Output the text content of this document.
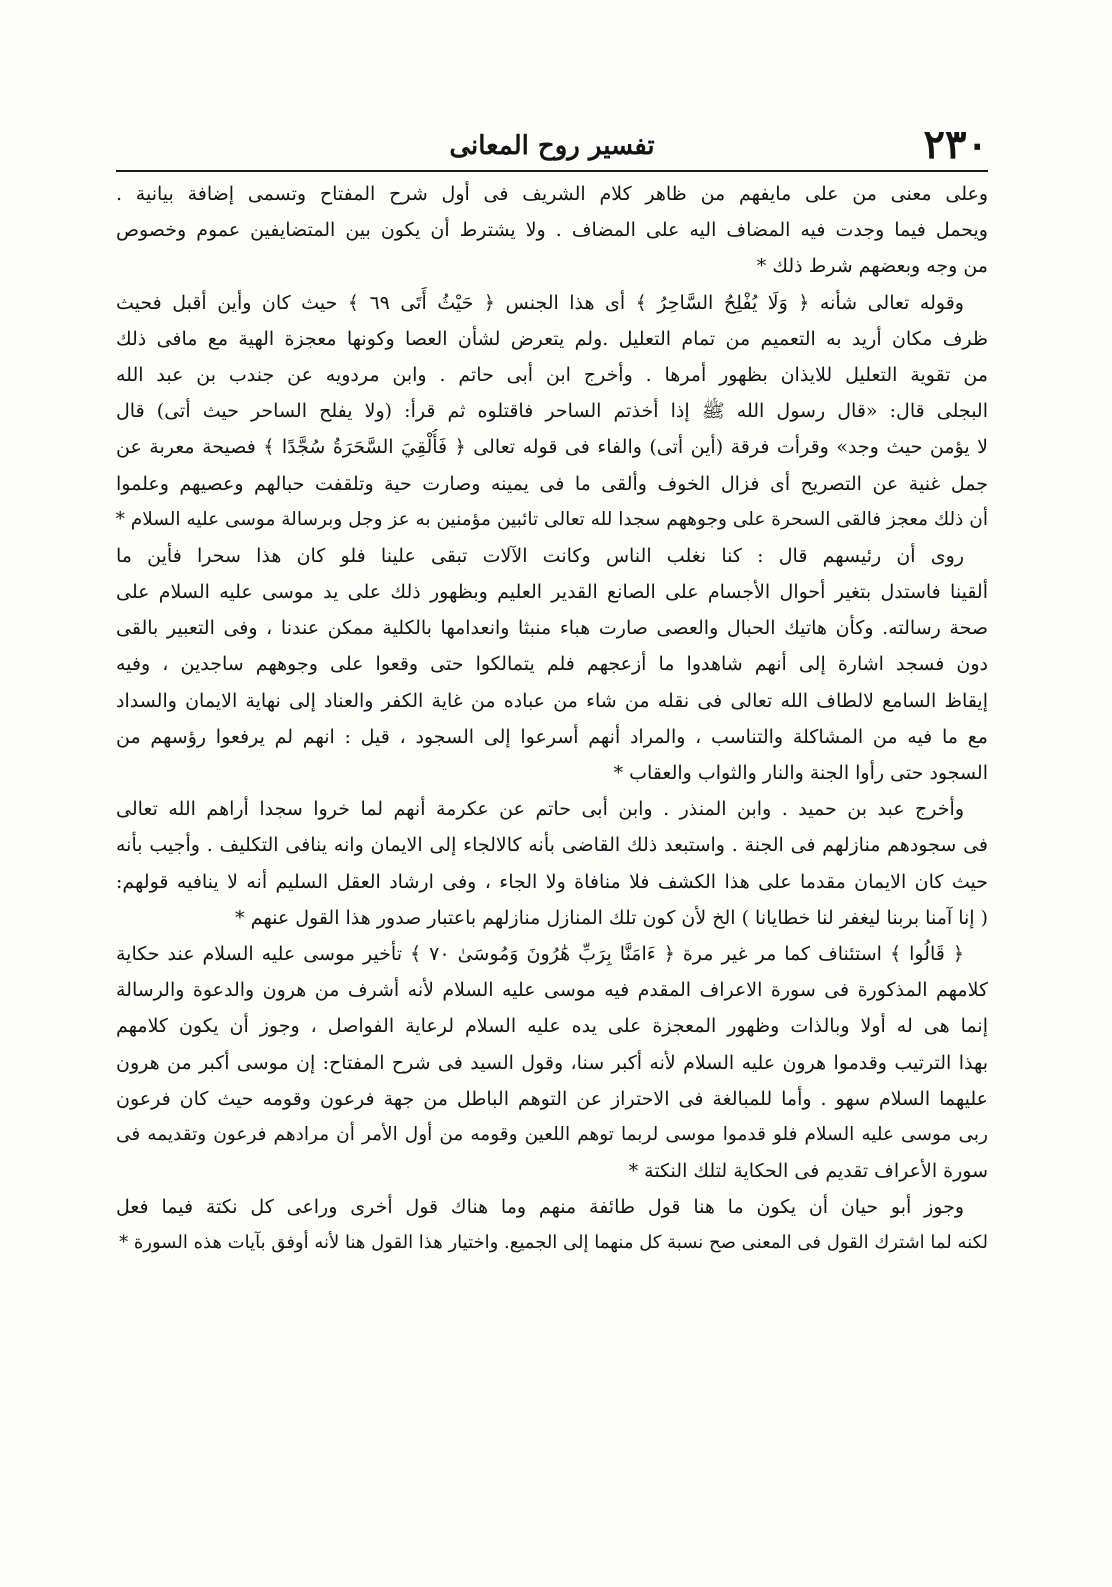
٢٣٠
تفسير روح المعانى
وعلى معنى من على مايفهم من ظاهر كلام الشريف فى أول شرح المفتاح وتسمى إضافة بيانية .
ويحمل فيما وجدت فيه المضاف اليه على المضاف . ولا يشترط أن يكون بين المتضايفين عموم وخصوص
من وجه وبعضهم شرط ذلك *
وقوله تعالى شأنه ﴿ وَلَا يُفْلِحُ السَّاحِرُ ﴾ أى هذا الجنس ﴿ حَيْثُ أَتَى ٦٩ ﴾ حيث كان وأين أقبل فحيث
ظرف مكان أريد به التعميم من تمام التعليل .ولم يتعرض لشأن العصا وكونها معجزة الهية مع مافى ذلك
من تقوية التعليل للايذان بظهور أمرها . وأخرج ابن أبى حاتم . وابن مردويه عن جندب بن عبد الله
البجلى قال: «قال رسول الله ﷺ إذا أخذتم الساحر فاقتلوه ثم قرأ: (ولا يفلح الساحر حيث أتى) قال
لا يؤمن حيث وجد» وقرأت فرقة (أين أتى) والفاء فى قوله تعالى ﴿ فَأُلْقِيَ السَّحَرَةُ سُجَّدًا ﴾ فصيحة معربة عن
جمل غنية عن التصريح أى فزال الخوف وألقى ما فى يمينه وصارت حية وتلقفت حبالهم وعصيهم وعلموا
أن ذلك معجز فالقى السحرة على وجوههم سجدا لله تعالى تائبين مؤمنين به عز وجل وبرسالة موسى عليه السلام *
روى أن رئيسهم قال : كنا نغلب الناس وكانت الآلات تبقى علينا فلو كان هذا سحرا فأين ما
ألقينا فاستدل بتغير أحوال الأجسام على الصانع القدير العليم وبظهور ذلك على يد موسى عليه السلام على
صحة رسالته. وكأن هاتيك الحبال والعصى صارت هباء منبثا وانعدامها بالكلية ممكن عندنا ، وفى التعبير بالقى
دون فسجد اشارة إلى أنهم شاهدوا ما أزعجهم فلم يتمالكوا حتى وقعوا على وجوههم ساجدين ، وفيه
إيقاظ السامع لالطاف الله تعالى فى نقله من شاء من عباده من غاية الكفر والعناد إلى نهاية الايمان والسداد
مع ما فيه من المشاكلة والتناسب ، والمراد أنهم أسرعوا إلى السجود ، قيل : انهم لم يرفعوا رؤسهم من
السجود حتى رأوا الجنة والنار والثواب والعقاب *
وأخرج عبد بن حميد . وابن المنذر . وابن أبى حاتم عن عكرمة أنهم لما خروا سجدا أراهم الله تعالى
فى سجودهم منازلهم فى الجنة . واستبعد ذلك القاضى بأنه كالالجاء إلى الايمان وانه ينافى التكليف . وأجيب بأنه
حيث كان الايمان مقدما على هذا الكشف فلا منافاة ولا الجاء ، وفى ارشاد العقل السليم أنه لا ينافيه قولهم:
( إنا آمنا بربنا ليغفر لنا خطايانا ) الخ لأن كون تلك المنازل منازلهم باعتبار صدور هذا القول عنهم *
﴿ قَالُوا ﴾ استئناف كما مر غير مرة ﴿ ءَامَنَّا بِرَبِّ هَٰرُونَ وَمُوسَىٰ ٧٠ ﴾ تأخير موسى عليه السلام عند حكاية
كلامهم المذكورة فى سورة الاعراف المقدم فيه موسى عليه السلام لأنه أشرف من هرون والدعوة والرسالة
إنما هى له أولا وبالذات وظهور المعجزة على يده عليه السلام لرعاية الفواصل ، وجوز أن يكون كلامهم
بهذا الترتيب وقدموا هرون عليه السلام لأنه أكبر سنا، وقول السيد فى شرح المفتاح: إن موسى أكبر من هرون
عليهما السلام سهو . وأما للمبالغة فى الاحتراز عن التوهم الباطل من جهة فرعون وقومه حيث كان فرعون
ربى موسى عليه السلام فلو قدموا موسى لربما توهم اللعين وقومه من أول الأمر أن مرادهم فرعون وتقديمه فى
سورة الأعراف تقديم فى الحكاية لتلك النكتة *
وجوز أبو حيان أن يكون ما هنا قول طائفة منهم وما هناك قول أخرى وراعى كل نكتة فيما فعل
لكنه لما اشترك القول فى المعنى صح نسبة كل منهما إلى الجميع. واختيار هذا القول هنا لأنه أوفق بآيات هذه السورة *
